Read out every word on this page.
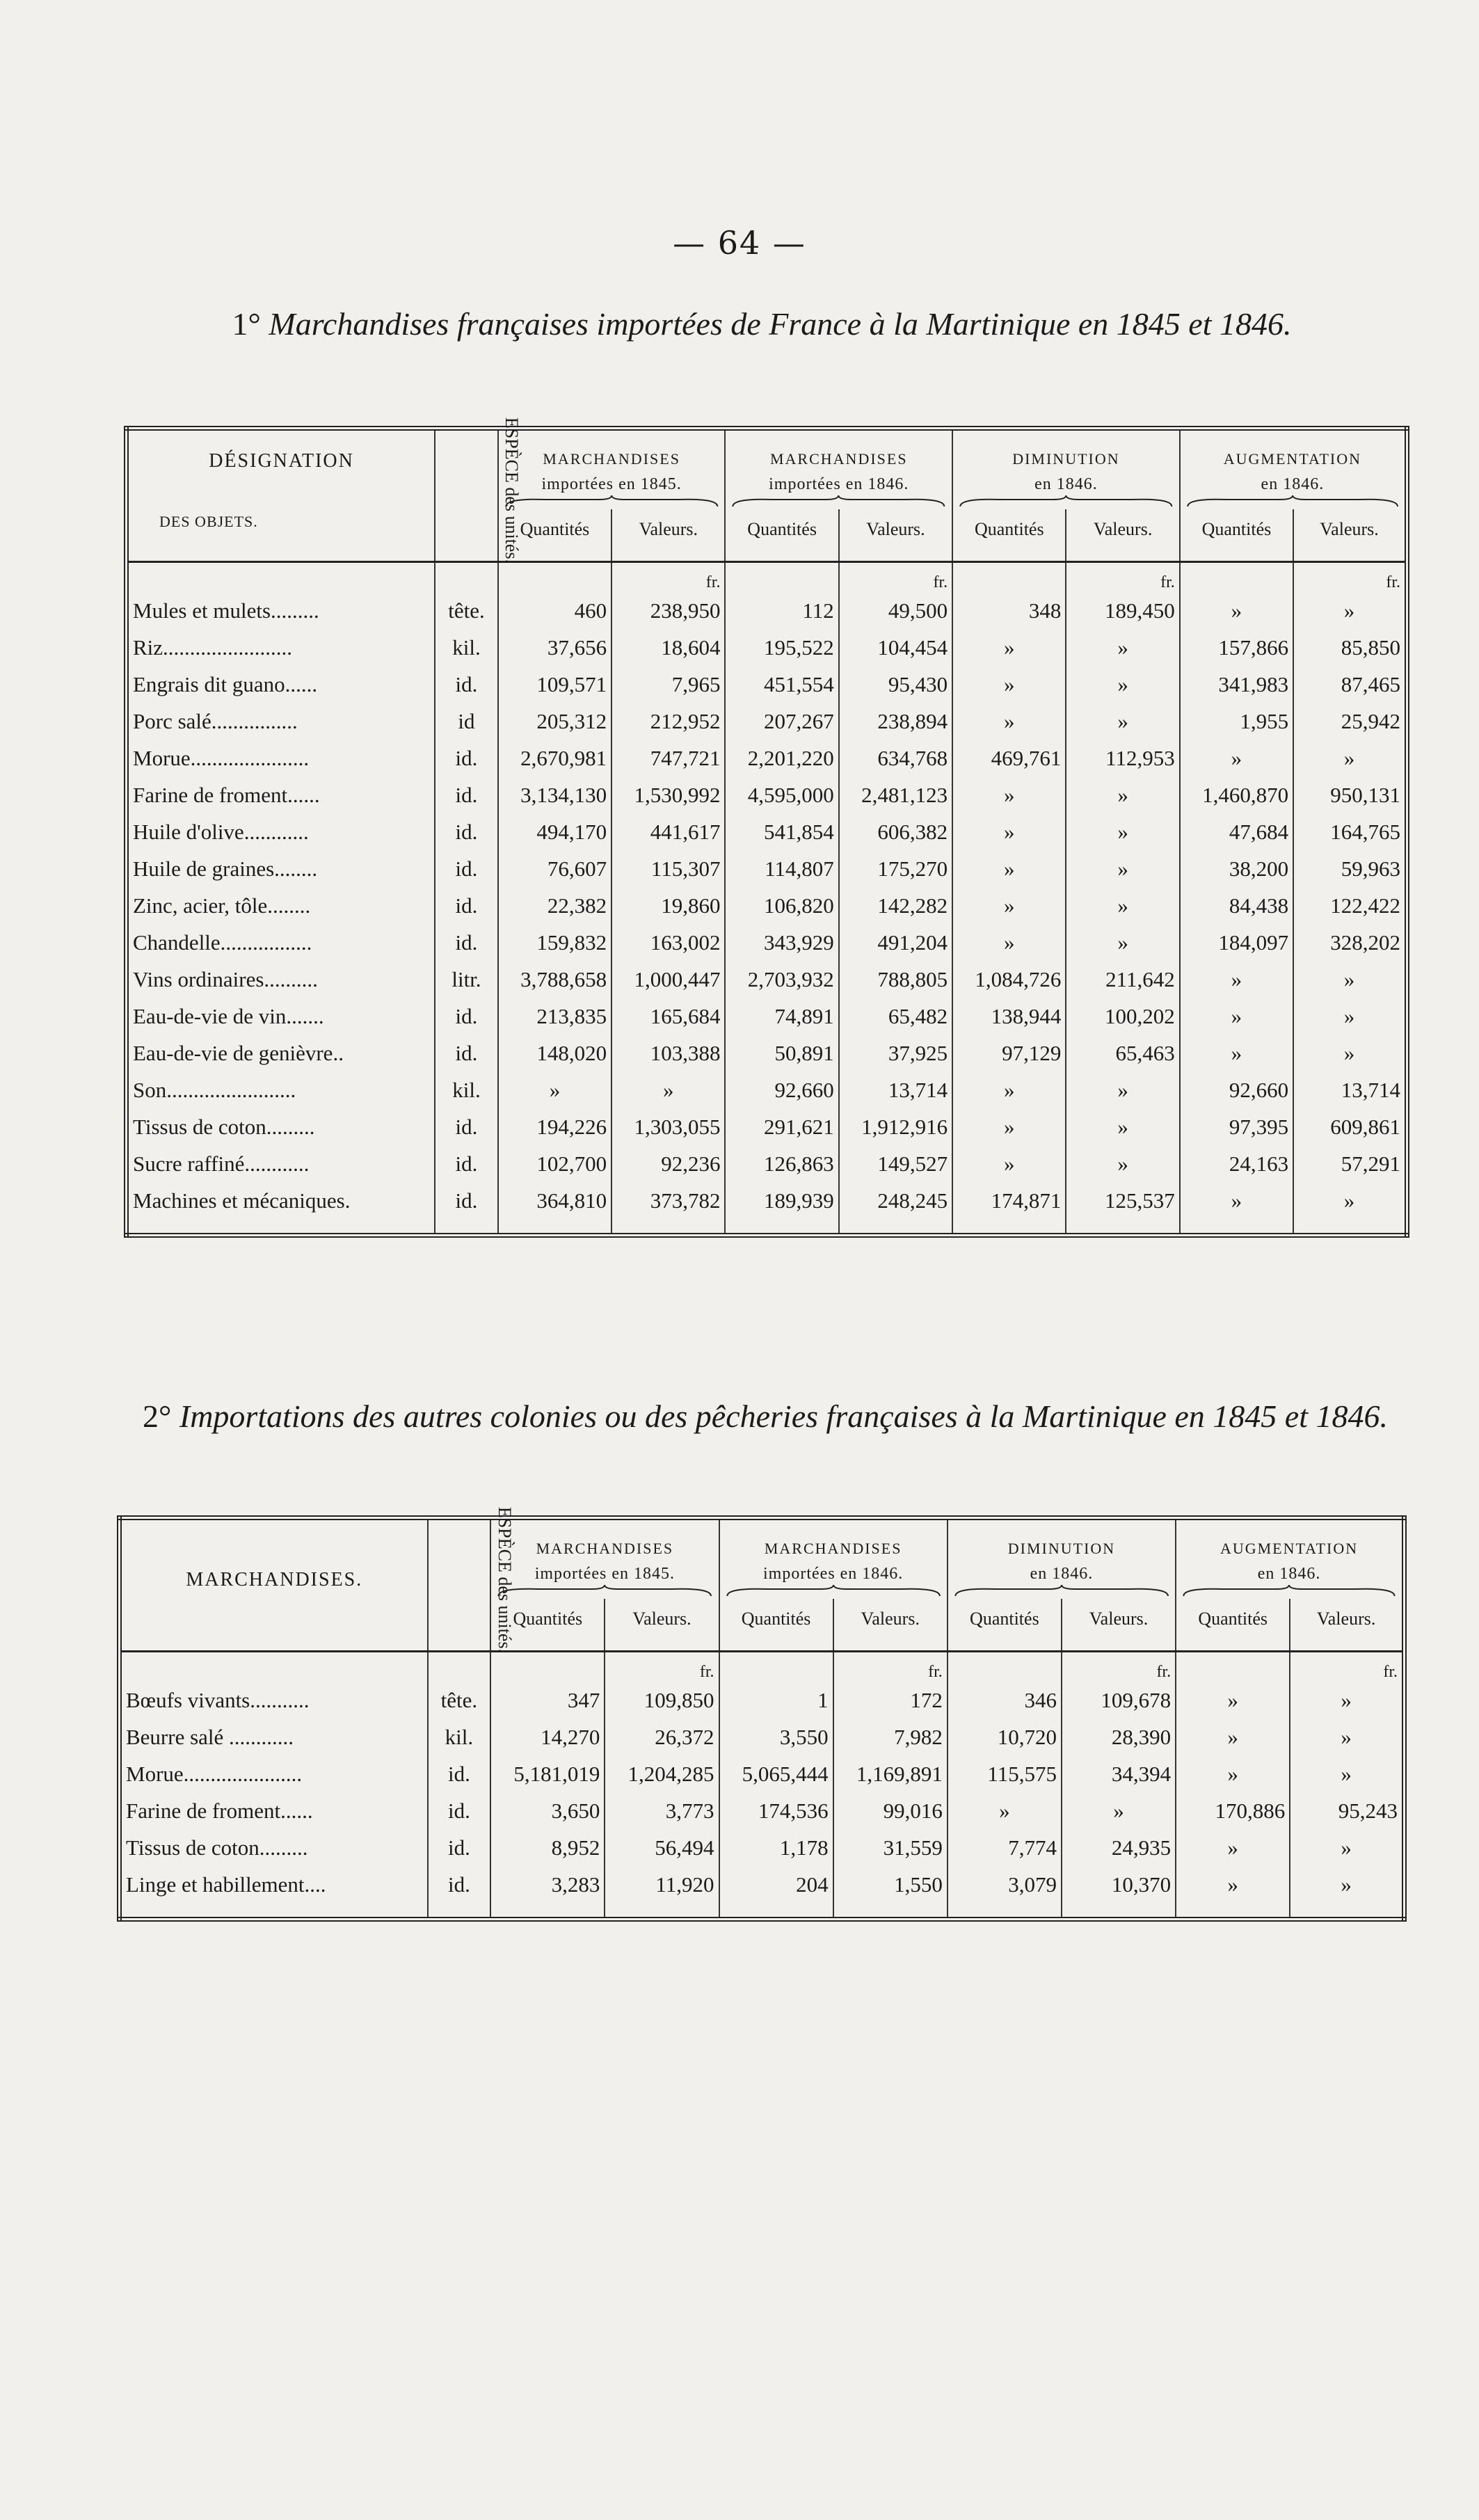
— 64 —
1° Marchandises françaises importées de France à la Martinique en 1845 et 1846.
DÉSIGNATION
DES OBJETS.	ESPÈCE des unités.	MARCHANDISES
importées en 1845.		MARCHANDISES
importées en 1846.		DIMINUTION
en 1846.		AUGMENTATION
en 1846.	

		Quantités	Valeurs.	Quantités	Valeurs.	Quantités	Valeurs.	Quantités	Valeurs.

			fr.		fr.		fr.		fr.
Mules et mulets.........	tête.	460	238,950	112	49,500	348	189,450	»	»
Riz........................	kil.	37,656	18,604	195,522	104,454	»	»	157,866	85,850
Engrais dit guano......	id.	109,571	7,965	451,554	95,430	»	»	341,983	87,465
Porc salé................	id	205,312	212,952	207,267	238,894	»	»	1,955	25,942
Morue......................	id.	2,670,981	747,721	2,201,220	634,768	469,761	112,953	»	»
Farine de froment......	id.	3,134,130	1,530,992	4,595,000	2,481,123	»	»	1,460,870	950,131
Huile d'olive............	id.	494,170	441,617	541,854	606,382	»	»	47,684	164,765
Huile de graines........	id.	76,607	115,307	114,807	175,270	»	»	38,200	59,963
Zinc, acier, tôle........	id.	22,382	19,860	106,820	142,282	»	»	84,438	122,422
Chandelle.................	id.	159,832	163,002	343,929	491,204	»	»	184,097	328,202
Vins ordinaires..........	litr.	3,788,658	1,000,447	2,703,932	788,805	1,084,726	211,642	»	»
Eau-de-vie de vin.......	id.	213,835	165,684	74,891	65,482	138,944	100,202	»	»
Eau-de-vie de genièvre..	id.	148,020	103,388	50,891	37,925	97,129	65,463	»	»
Son........................	kil.	»	»	92,660	13,714	»	»	92,660	13,714
Tissus de coton.........	id.	194,226	1,303,055	291,621	1,912,916	»	»	97,395	609,861
Sucre raffiné............	id.	102,700	92,236	126,863	149,527	»	»	24,163	57,291
Machines et mécaniques.	id.	364,810	373,782	189,939	248,245	174,871	125,537	»	»

2° Importations des autres colonies ou des pêcheries françaises à la Martinique en 1845 et 1846.
MARCHANDISES.	ESPÈCE des unités.	MARCHANDISES
importées en 1845.		MARCHANDISES
importées en 1846.		DIMINUTION
en 1846.		AUGMENTATION
en 1846.	

		Quantités	Valeurs.	Quantités	Valeurs.	Quantités	Valeurs.	Quantités	Valeurs.

			fr.		fr.		fr.		fr.
Bœufs vivants...........	tête.	347	109,850	1	172	346	109,678	»	»
Beurre salé ............	kil.	14,270	26,372	3,550	7,982	10,720	28,390	»	»
Morue......................	id.	5,181,019	1,204,285	5,065,444	1,169,891	115,575	34,394	»	»
Farine de froment......	id.	3,650	3,773	174,536	99,016	»	»	170,886	95,243
Tissus de coton.........	id.	8,952	56,494	1,178	31,559	7,774	24,935	»	»
Linge et habillement....	id.	3,283	11,920	204	1,550	3,079	10,370	»	»
